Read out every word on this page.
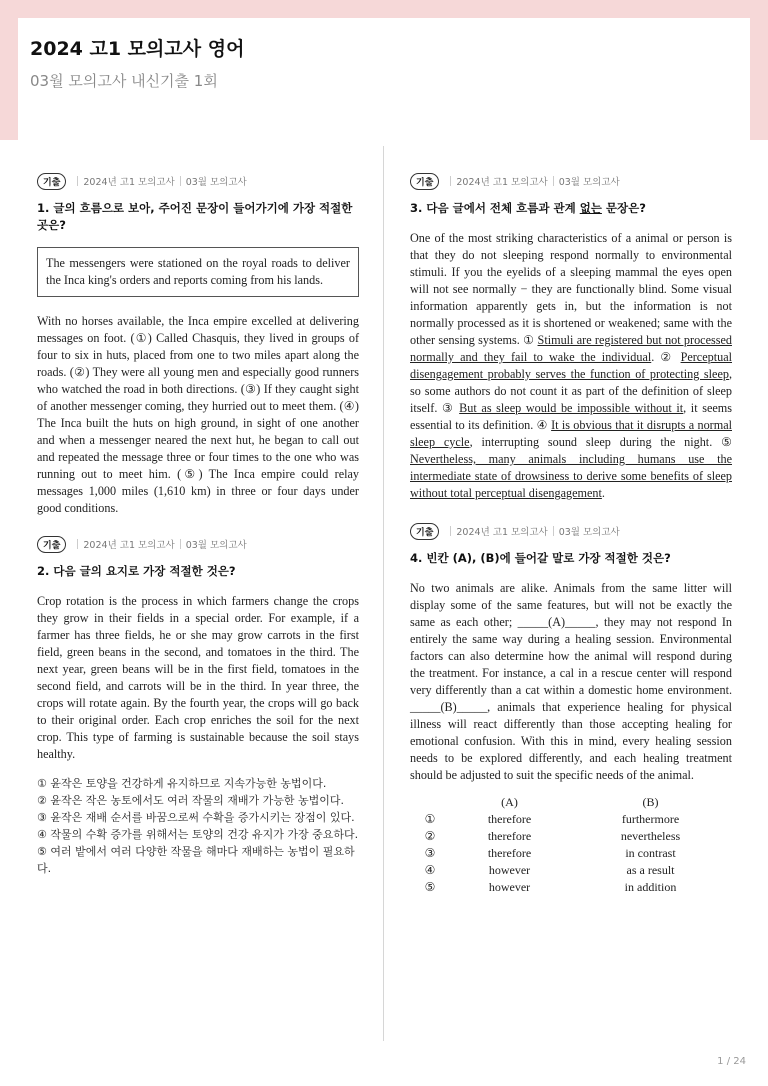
2024 고1 모의고사 영어
03월 모의고사 내신기출 1회
기출	2024년 고1 모의고사 03월 모의고사
1. 글의 흐름으로 보아, 주어진 문장이 들어가기에 가장 적절한 곳은?
The messengers were stationed on the royal roads to deliver the Inca king's orders and reports coming from his lands.
With no horses available, the Inca empire excelled at delivering messages on foot. (①) Called Chasquis, they lived in groups of four to six in huts, placed from one to two miles apart along the roads. (②) They were all young men and especially good runners who watched the road in both directions. (③) If they caught sight of another messenger coming, they hurried out to meet them. (④) The Inca built the huts on high ground, in sight of one another and when a messenger neared the next hut, he began to call out and repeated the message three or four times to the one who was running out to meet him. (⑤) The Inca empire could relay messages 1,000 miles (1,610 km) in three or four days under good conditions.
기출	2024년 고1 모의고사 03월 모의고사
2. 다음 글의 요지로 가장 적절한 것은?
Crop rotation is the process in which farmers change the crops they grow in their fields in a special order. For example, if a farmer has three fields, he or she may grow carrots in the first field, green beans in the second, and tomatoes in the third. The next year, green beans will be in the first field, tomatoes in the second field, and carrots will be in the third. In year three, the crops will rotate again. By the fourth year, the crops will go back to their original order. Each crop enriches the soil for the next crop. This type of farming is sustainable because the soil stays healthy.
① 윤작은 토양을 건강하게 유지하므로 지속가능한 농법이다.
② 윤작은 작은 농토에서도 여러 작물의 재배가 가능한 농법이다.
③ 윤작은 재배 순서를 바꿈으로써 수확을 증가시키는 장점이 있다.
④ 작물의 수확 증가를 위해서는 토양의 건강 유지가 가장 중요하다.
⑤ 여러 밭에서 여러 다양한 작물을 해마다 재배하는 농법이 필요하다.
기출	2024년 고1 모의고사 03월 모의고사
3. 다음 글에서 전체 흐름과 관계 없는 문장은?
One of the most striking characteristics of a animal or person is that they do not sleeping respond normally to environmental stimuli. If you the eyelids of a sleeping mammal the eyes open will not see normally − they are functionally blind. Some visual information apparently gets in, but the information is not normally processed as it is shortened or weakened; same with the other sensing systems. ① Stimuli are registered but not processed normally and they fail to wake the individual. ② Perceptual disengagement probably serves the function of protecting sleep, so some authors do not count it as part of the definition of sleep itself. ③ But as sleep would be impossible without it, it seems essential to its definition. ④ It is obvious that it disrupts a normal sleep cycle, interrupting sound sleep during the night. ⑤ Nevertheless, many animals including humans use the intermediate state of drowsiness to derive some benefits of sleep without total perceptual disengagement.
기출	2024년 고1 모의고사 03월 모의고사
4. 빈칸 (A), (B)에 들어갈 말로 가장 적절한 것은?
No two animals are alike. Animals from the same litter will display some of the same features, but will not be exactly the same as each other; _____(A)_____, they may not respond In entirely the same way during a healing session. Environmental factors can also determine how the animal will respond during the treatment. For instance, a cal in a rescue center will respond very differently than a cat within a domestic home environment. _____(B)_____, animals that experience healing for physical illness will react differently than those accepting healing for emotional confusion. With this in mind, every healing session needs to be explored differently, and each healing treatment should be adjusted to suit the specific needs of the animal.
	(A)	(B)
①	therefore	furthermore
②	therefore	nevertheless
③	therefore	in contrast
④	however	as a result
⑤	however	in addition
1 / 24
